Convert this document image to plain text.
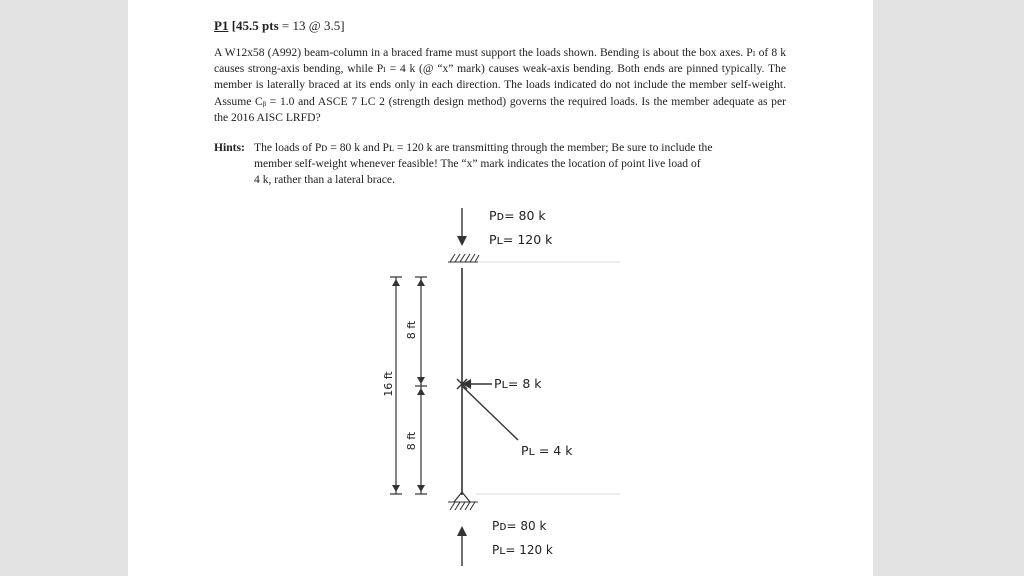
P1 [45.5 pts = 13 @ 3.5]
A W12x58 (A992) beam-column in a braced frame must support the loads shown. Bending is about the box axes. Pₗ of 8 k causes strong-axis bending, while Pₗ = 4 k (@ “x” mark) causes weak-axis bending. Both ends are pinned typically. The member is laterally braced at its ends only in each direction. The loads indicated do not include the member self-weight. Assume Cᵦ = 1.0 and ASCE 7 LC 2 (strength design method) governs the required loads. Is the member adequate as per the 2016 AISC LRFD?
Hints: The loads of Pᴅ = 80 k and Pʟ = 120 k are transmitting through the member; Be sure to include the
member self-weight whenever feasible! The “x” mark indicates the location of point live load of
4 k, rather than a lateral brace.
16 ft
8 ft
8 ft
Pᴅ= 80 k
Pʟ= 120 k
Pʟ= 8 k
Pʟ = 4 k
Pᴅ= 80 k
Pʟ= 120 k
